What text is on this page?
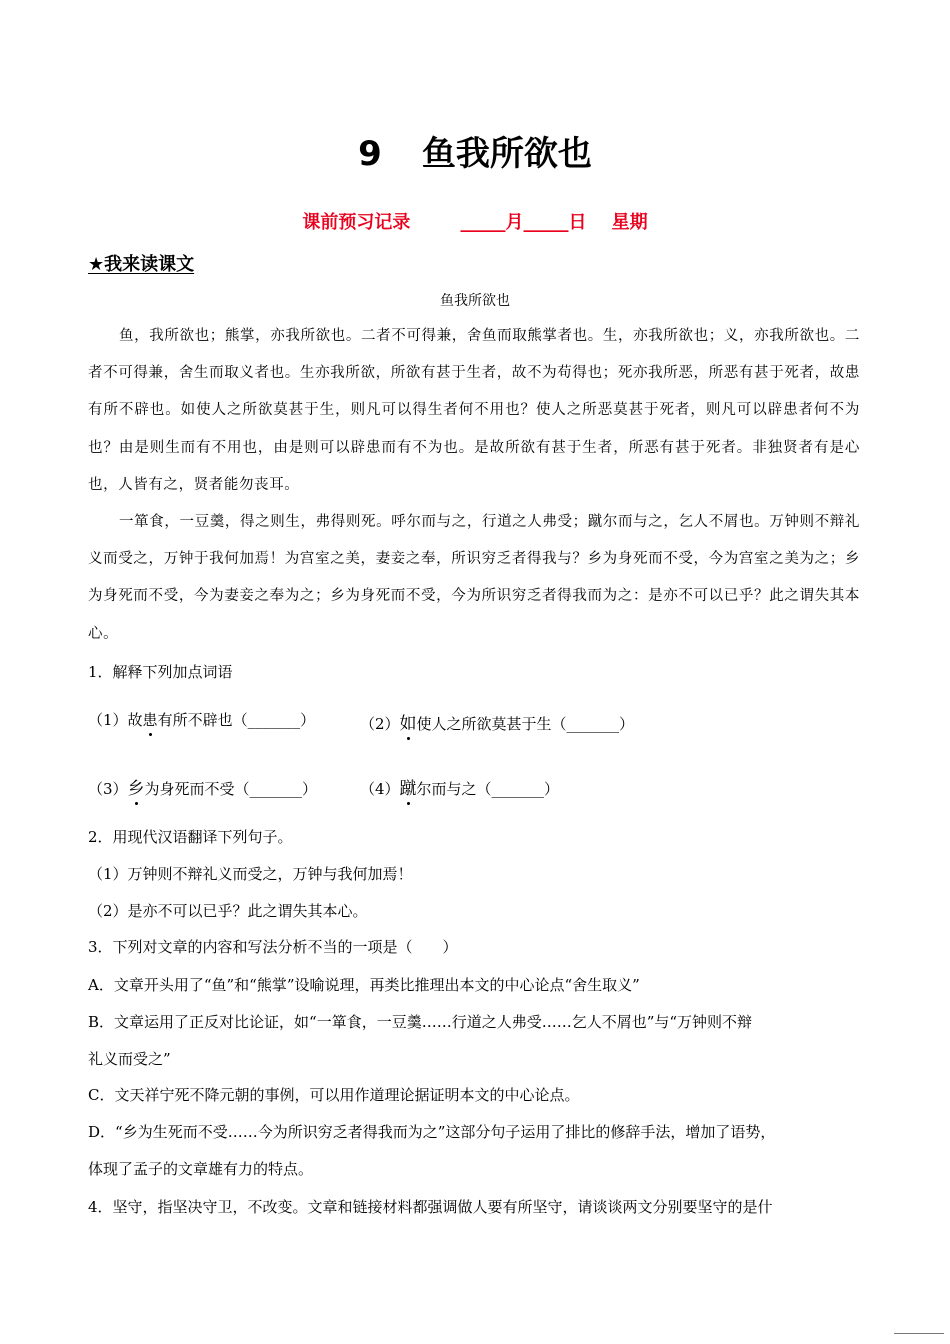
9 鱼我所欲也
课前预习记录        _____月_____日    星期
★我来读课文
鱼我所欲也

鱼，我所欲也；熊掌，亦我所欲也。二者不可得兼，舍鱼而取熊掌者也。生，亦我所欲也；义，亦我所欲也。二者不可得兼，舍生而取义者也。生亦我所欲，所欲有甚于生者，故不为苟得也；死亦我所恶，所恶有甚于死者，故患有所不辟也。如使人之所欲莫甚于生，则凡可以得生者何不用也？使人之所恶莫甚于死者，则凡可以辟患者何不为也？由是则生而有不用也，由是则可以辟患而有不为也。是故所欲有甚于生者，所恶有甚于死者。非独贤者有是心也，人皆有之，贤者能勿丧耳。

一箪食，一豆羹，得之则生，弗得则死。呼尔而与之，行道之人弗受；蹴尔而与之，乞人不屑也。万钟则不辩礼义而受之，万钟于我何加焉！为宫室之美，妻妾之奉，所识穷乏者得我与？乡为身死而不受，今为宫室之美为之；乡为身死而不受，今为妻妾之奉为之；乡为身死而不受，今为所识穷乏者得我而为之：是亦不可以已乎？此之谓失其本心。

1．解释下列加点词语
（1）故患有所不辟也（_______）	（2）如使人之所欲莫甚于生（_______）
（3）乡为身死而不受（_______）	（4）蹴尔而与之（_______）
2．用现代汉语翻译下列句子。
（1）万钟则不辩礼义而受之，万钟与我何加焉！
（2）是亦不可以已乎？此之谓失其本心。
3．下列对文章的内容和写法分析不当的一项是（　　）
A．文章开头用了“鱼”和“熊掌”设喻说理，再类比推理出本文的中心论点“舍生取义”
B．文章运用了正反对比论证，如“一箪食，一豆羹……行道之人弗受……乞人不屑也”与“万钟则不辩
礼义而受之”
C．文天祥宁死不降元朝的事例，可以用作道理论据证明本文的中心论点。
D．“乡为生死而不受……今为所识穷乏者得我而为之”这部分句子运用了排比的修辞手法，增加了语势，
体现了孟子的文章雄有力的特点。
4．坚守，指坚决守卫，不改变。文章和链接材料都强调做人要有所坚守，请谈谈两文分别要坚守的是什
